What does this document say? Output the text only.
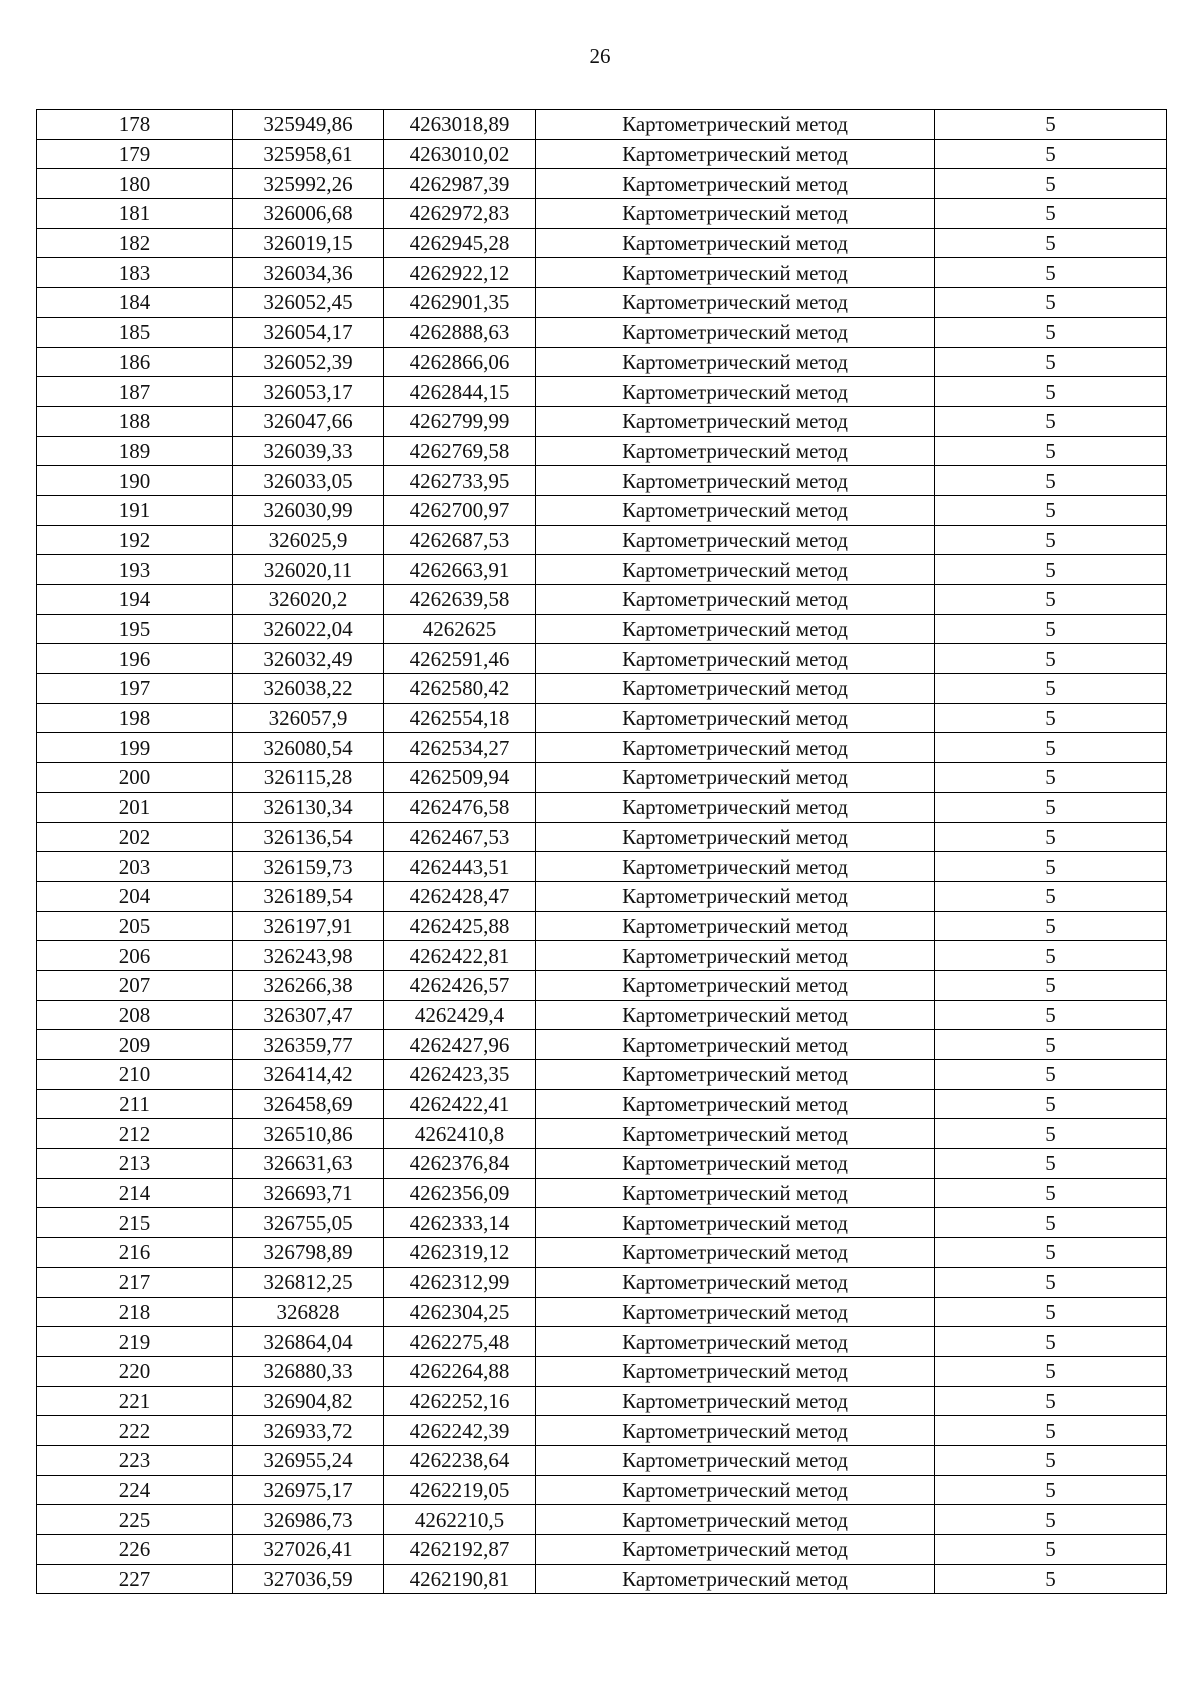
26
178	325949,86	4263018,89	Картометрический метод	5
179	325958,61	4263010,02	Картометрический метод	5
180	325992,26	4262987,39	Картометрический метод	5
181	326006,68	4262972,83	Картометрический метод	5
182	326019,15	4262945,28	Картометрический метод	5
183	326034,36	4262922,12	Картометрический метод	5
184	326052,45	4262901,35	Картометрический метод	5
185	326054,17	4262888,63	Картометрический метод	5
186	326052,39	4262866,06	Картометрический метод	5
187	326053,17	4262844,15	Картометрический метод	5
188	326047,66	4262799,99	Картометрический метод	5
189	326039,33	4262769,58	Картометрический метод	5
190	326033,05	4262733,95	Картометрический метод	5
191	326030,99	4262700,97	Картометрический метод	5
192	326025,9	4262687,53	Картометрический метод	5
193	326020,11	4262663,91	Картометрический метод	5
194	326020,2	4262639,58	Картометрический метод	5
195	326022,04	4262625	Картометрический метод	5
196	326032,49	4262591,46	Картометрический метод	5
197	326038,22	4262580,42	Картометрический метод	5
198	326057,9	4262554,18	Картометрический метод	5
199	326080,54	4262534,27	Картометрический метод	5
200	326115,28	4262509,94	Картометрический метод	5
201	326130,34	4262476,58	Картометрический метод	5
202	326136,54	4262467,53	Картометрический метод	5
203	326159,73	4262443,51	Картометрический метод	5
204	326189,54	4262428,47	Картометрический метод	5
205	326197,91	4262425,88	Картометрический метод	5
206	326243,98	4262422,81	Картометрический метод	5
207	326266,38	4262426,57	Картометрический метод	5
208	326307,47	4262429,4	Картометрический метод	5
209	326359,77	4262427,96	Картометрический метод	5
210	326414,42	4262423,35	Картометрический метод	5
211	326458,69	4262422,41	Картометрический метод	5
212	326510,86	4262410,8	Картометрический метод	5
213	326631,63	4262376,84	Картометрический метод	5
214	326693,71	4262356,09	Картометрический метод	5
215	326755,05	4262333,14	Картометрический метод	5
216	326798,89	4262319,12	Картометрический метод	5
217	326812,25	4262312,99	Картометрический метод	5
218	326828	4262304,25	Картометрический метод	5
219	326864,04	4262275,48	Картометрический метод	5
220	326880,33	4262264,88	Картометрический метод	5
221	326904,82	4262252,16	Картометрический метод	5
222	326933,72	4262242,39	Картометрический метод	5
223	326955,24	4262238,64	Картометрический метод	5
224	326975,17	4262219,05	Картометрический метод	5
225	326986,73	4262210,5	Картометрический метод	5
226	327026,41	4262192,87	Картометрический метод	5
227	327036,59	4262190,81	Картометрический метод	5
